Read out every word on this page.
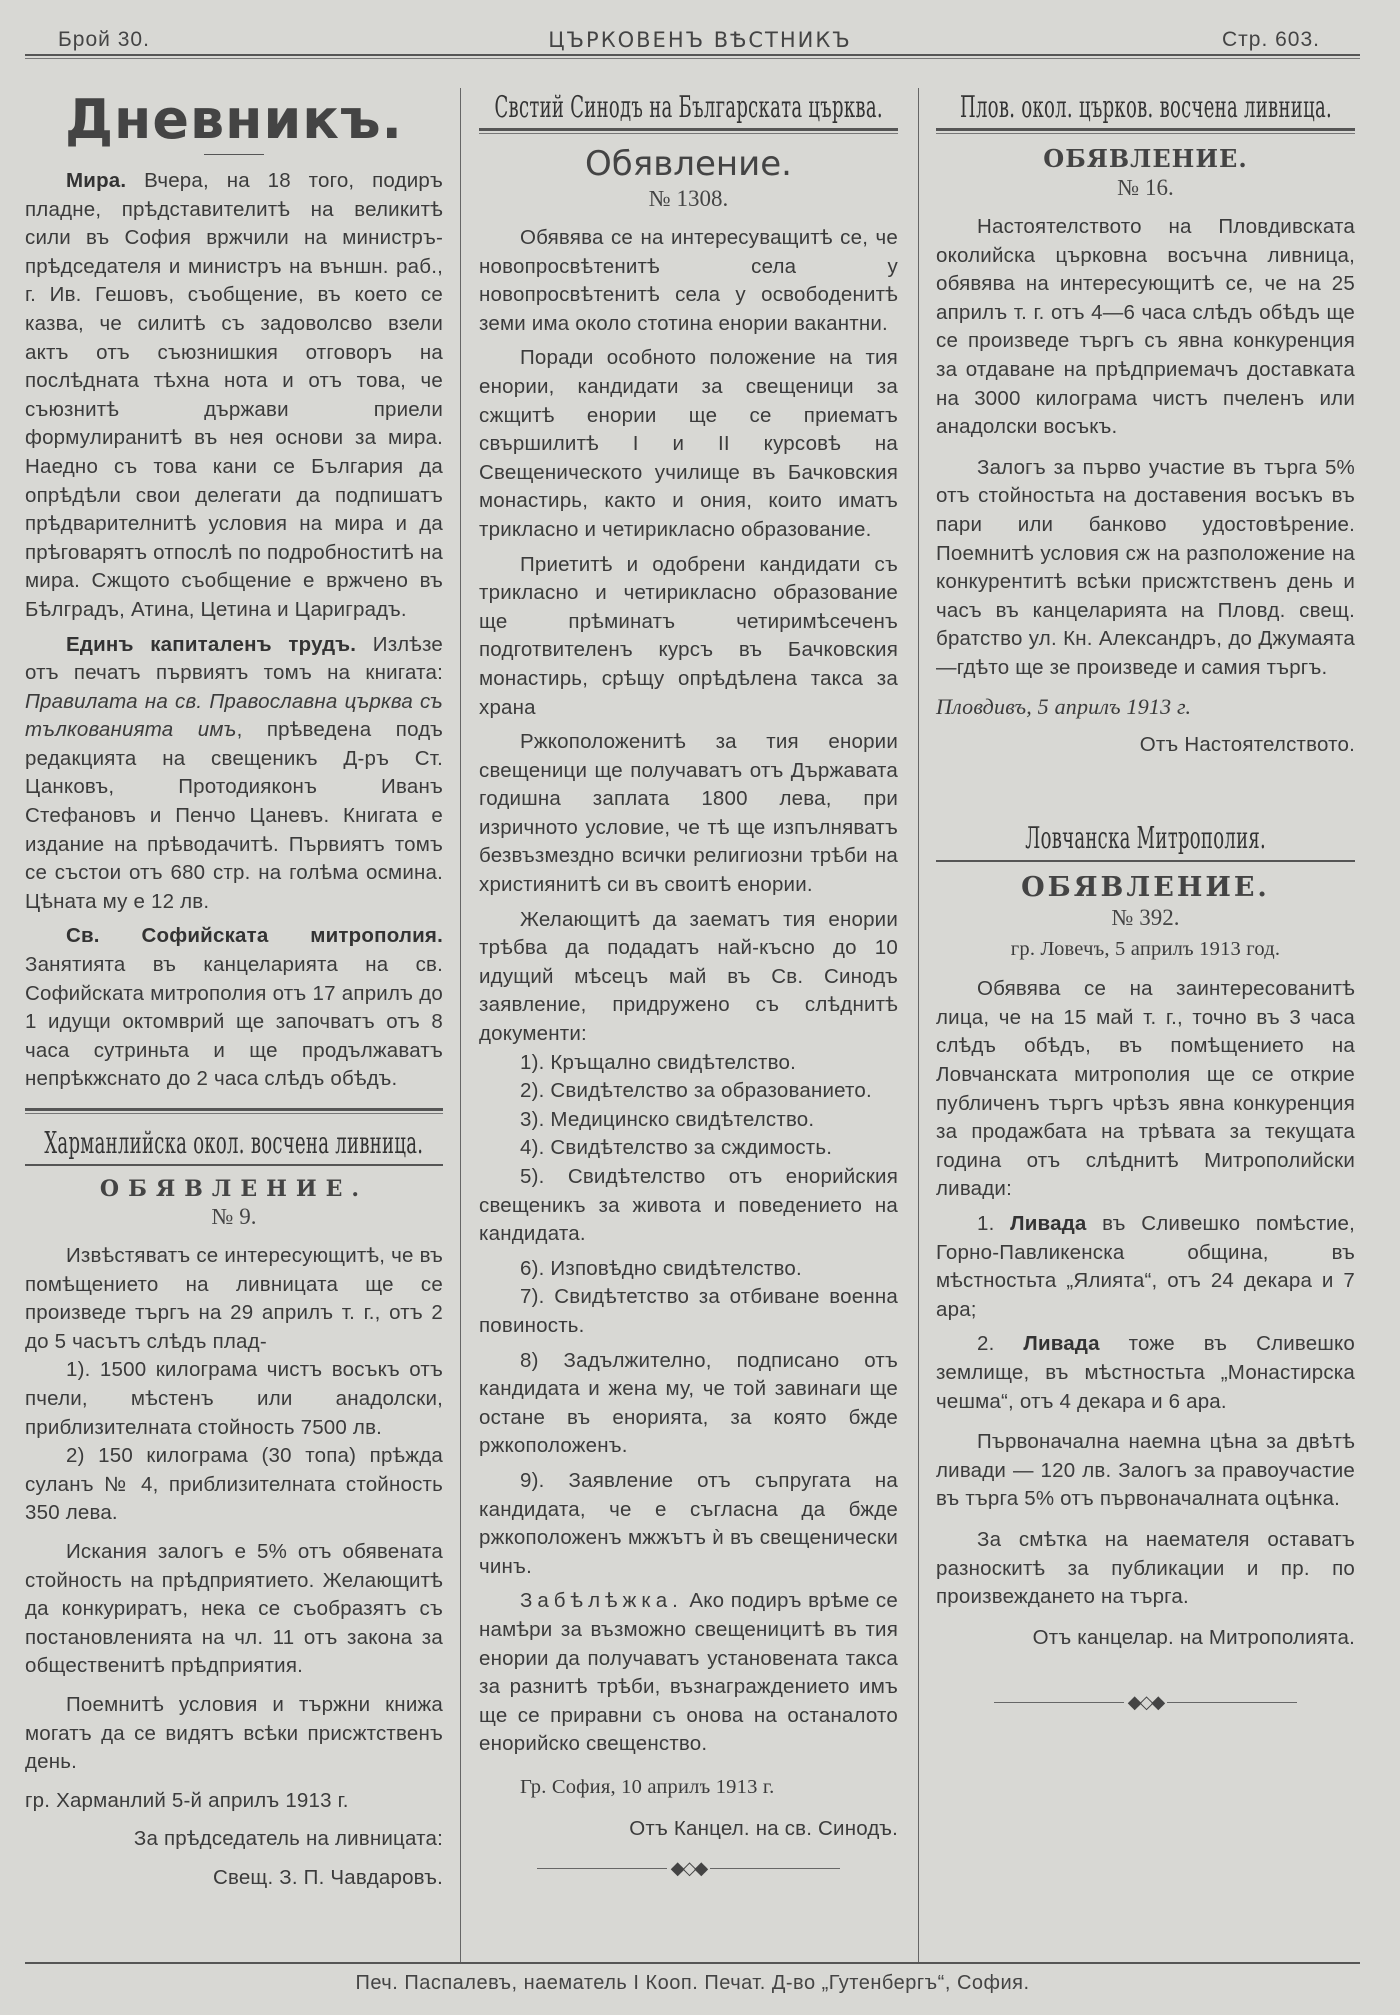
Брой 30.	ЦЪРКОВЕНЪ ВѢСТНИКЪ	Стр. 603.
Дневникъ.

Мира. Вчера, на 18 того, подиръ пладне, прѣдставителитѣ на великитѣ сили въ София вржчили на министръ-прѣдседателя и министръ на външн. раб., г. Ив. Гешовъ, съобщение, въ което се казва, че силитѣ съ задоволсво взели актъ отъ съюзнишкия отговоръ на послѣдната тѣхна нота и отъ това, че съюзнитѣ държави приели формулиранитѣ въ нея основи за мира. Наедно съ това кани се България да опрѣдѣли свои делегати да подпишатъ прѣдварителнитѣ условия на мира и да прѣговарятъ отпослѣ по подробноститѣ на мира. Сжщото съобщение е вржчено въ Бѣлградъ, Атина, Цетина и Цариградъ.

Единъ капиталенъ трудъ. Излѣзе отъ печатъ първиятъ томъ на книгата: Правилата на св. Православна църква съ тълкованията имъ, прѣведена подъ редакцията на свещеникъ Д-ръ Ст. Цанковъ, Протодияконъ Иванъ Стефановъ и Пенчо Цаневъ. Книгата е издание на прѣводачитѣ. Първиятъ томъ се състои отъ 680 стр. на голѣма осмина. Цѣната му е 12 лв.

Св. Софийската митрополия. Занятията въ канцеларията на св. Софийската митрополия отъ 17 априлъ до 1 идущи октомврий ще започватъ отъ 8 часа сутриньта и ще продължаватъ непрѣкжснато до 2 часа слѣдъ обѣдъ.

Харманлийска окол. восчена ливница.
ОБЯВЛЕНИЕ.
№ 9.

Извѣстяватъ се интересующитѣ, че въ помѣщението на ливницата ще се произведе търгъ на 29 априлъ т. г., отъ 2 до 5 часътъ слѣдъ плад-

1). 1500 килограма чистъ восъкъ отъ пчели, мѣстенъ или анадолски, приблизителната стойность 7500 лв.

2) 150 килограма (30 топа) прѣжда суланъ № 4, приблизителната стойность 350 лева.

Искания залогъ е 5% отъ обявената стойность на прѣдприятието. Желающитѣ да конкуриратъ, нека се съобразятъ съ постановленията на чл. 11 отъ закона за общественитѣ прѣдприятия.

Поемнитѣ условия и тържни книжа могатъ да се видятъ всѣки присжтственъ день.

гр. Харманлий 5-й априлъ 1913 г.

За прѣдседатель на ливницата:

Свещ. З. П. Чавдаровъ.

Свстий Синодъ на Българската църква.
Обявление.
№ 1308.

Обявява се на интересуващитѣ се, че новопросвѣтенитѣ села у новопросвѣтенитѣ села у освободенитѣ земи има около стотина енории вакантни.

Поради особното положение на тия енории, кандидати за свещеници за сжщитѣ енории ще се приематъ свършилитѣ I и II курсовѣ на Свещеническото училище въ Бачковския монастирь, както и ония, които иматъ трикласно и четирикласно образование.

Приетитѣ и одобрени кандидати съ трикласно и четирикласно образование ще прѣминатъ четиримѣсеченъ подготвителенъ курсъ въ Бачковския монастирь, срѣщу опрѣдѣлена такса за храна

Ржкоположенитѣ за тия енории свещеници ще получаватъ отъ Държавата годишна заплата 1800 лева, при изричното условие, че тѣ ще изпълняватъ безвъзмездно всички религиозни трѣби на християнитѣ си въ своитѣ енории.

Желающитѣ да заематъ тия енории трѣбва да подадатъ най-късно до 10 идущий мѣсецъ май въ Св. Синодъ заявление, придружено съ слѣднитѣ документи:

1). Кръщално свидѣтелство.

2). Свидѣтелство за образованието.

3). Медицинско свидѣтелство.

4). Свидѣтелство за сждимость.

5). Свидѣтелство отъ енорийския свещеникъ за живота и поведението на кандидата.

6). Изповѣдно свидѣтелство.

7). Свидѣтетство за отбиване военна повиность.

8) Задължително, подписано отъ кандидата и жена му, че той завинаги ще остане въ енорията, за която бжде ржкоположенъ.

9). Заявление отъ съпругата на кандидата, че е съгласна да бжде ржкоположенъ мжжътъ ѝ въ свещенически чинъ.

Забѣлѣжка. Ако подиръ врѣме се намѣри за възможно свещеницитѣ въ тия енории да получаватъ установената такса за разнитѣ трѣби, възнаграждението имъ ще се приравни съ онова на останалото енорийско свещенство.

Гр. София, 10 априлъ 1913 г.

Отъ Канцел. на св. Синодъ.

◆◇◆
Плов. окол. църков. восчена ливница.
ОБЯВЛЕНИЕ.
№ 16.

Настоятелството на Пловдивската околийска църковна восъчна ливница, обявява на интересующитѣ се, че на 25 априлъ т. г. отъ 4—6 часа слѣдъ обѣдъ ще се произведе търгъ съ явна конкуренция за отдаване на прѣдприемачъ доставката на 3000 килограма чистъ пчеленъ или анадолски восъкъ.

Залогъ за първо участие въ търга 5% отъ стойностьта на доставения восъкъ въ пари или банково удостовѣрение. Поемнитѣ условия сж на разположение на конкурентитѣ всѣки присжтственъ день и часъ въ канцеларията на Пловд. свещ. братство ул. Кн. Александръ, до Джумаята—гдѣто ще зе произведе и самия търгъ.

Пловдивъ, 5 априлъ 1913 г.

Отъ Настоятелството.

Ловчанска Митрополия.
ОБЯВЛЕНИЕ.
№ 392.

гр. Ловечъ, 5 априлъ 1913 год.

Обявява се на заинтересованитѣ лица, че на 15 май т. г., точно въ 3 часа слѣдъ обѣдъ, въ помѣщението на Ловчанската митрополия ще се открие публиченъ търгъ чрѣзъ явна конкуренция за продажбата на трѣвата за текущата година отъ слѣднитѣ Митрополийски ливади:

1. Ливада въ Сливешко помѣстие, Горно-Павликенска община, въ мѣстностьта „Ялията“, отъ 24 декара и 7 ара;

2. Ливада тоже въ Сливешко землище, въ мѣстностьта „Монастирска чешма“, отъ 4 декара и 6 ара.

Първоначална наемна цѣна за двѣтѣ ливади — 120 лв. Залогъ за правоучастие въ търга 5% отъ първоначалната оцѣнка.

За смѣтка на наемателя оставатъ разноскитѣ за публикации и пр. по произвеждането на търга.

Отъ канцелар. на Митрополията.

◆◇◆
Печ. Паспалевъ, наематель I Кооп. Печат. Д-во „Гутенбергъ“, София.
